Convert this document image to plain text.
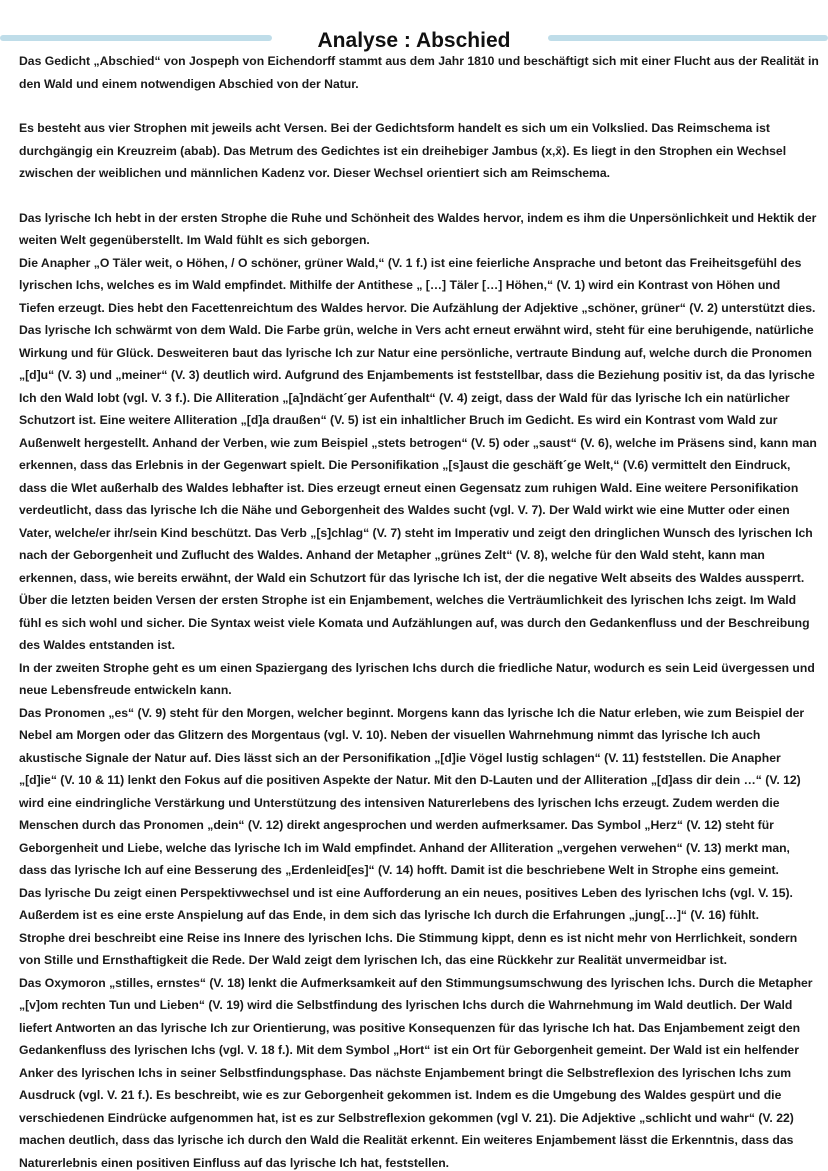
Analyse : Abschied

Das Gedicht „Abschied“ von Jospeph von Eichendorff stammt aus dem Jahr 1810 und beschäftigt sich mit einer Flucht aus der Realität in den Wald und einem notwendigen Abschied von der Natur.

Es besteht aus vier Strophen mit jeweils acht Versen. Bei der Gedichtsform handelt es sich um ein Volkslied. Das Reimschema ist durchgängig ein Kreuzreim (abab). Das Metrum des Gedichtes ist ein dreihebiger Jambus (x,x̄). Es liegt in den Strophen ein Wechsel zwischen der weiblichen und männlichen Kadenz vor. Dieser Wechsel orientiert sich am Reimschema.

Das lyrische Ich hebt in der ersten Strophe die Ruhe und Schönheit des Waldes hervor, indem es ihm die Unpersönlichkeit und Hektik der weiten Welt gegenüberstellt. Im Wald fühlt es sich geborgen.

Die Anapher „O Täler weit, o Höhen, / O schöner, grüner Wald,“ (V. 1 f.) ist eine feierliche Ansprache und betont das Freiheitsgefühl des lyrischen Ichs, welches es im Wald empfindet. Mithilfe der Antithese „ […] Täler […] Höhen,“ (V. 1) wird ein Kontrast von Höhen und Tiefen erzeugt. Dies hebt den Facettenreichtum des Waldes hervor. Die Aufzählung der Adjektive „schöner, grüner“ (V. 2) unterstützt dies. Das lyrische Ich schwärmt von dem Wald. Die Farbe grün, welche in Vers acht erneut erwähnt wird, steht für eine beruhigende, natürliche Wirkung und für Glück. Desweiteren baut das lyrische Ich zur Natur eine persönliche, vertraute Bindung auf, welche durch die Pronomen „[d]u“ (V. 3) und „meiner“ (V. 3) deutlich wird. Aufgrund des Enjambements ist feststellbar, dass die Beziehung positiv ist, da das lyrische Ich den Wald lobt (vgl. V. 3 f.). Die Alliteration „[a]ndächt´ger Aufenthalt“ (V. 4) zeigt, dass der Wald für das lyrische Ich ein natürlicher Schutzort ist. Eine weitere Alliteration „[d]a draußen“ (V. 5) ist ein inhaltlicher Bruch im Gedicht. Es wird ein Kontrast vom Wald zur Außenwelt hergestellt. Anhand der Verben, wie zum Beispiel „stets betrogen“ (V. 5) oder „saust“ (V. 6), welche im Präsens sind, kann man erkennen, dass das Erlebnis in der Gegenwart spielt. Die Personifikation „[s]aust die geschäft´ge Welt,“ (V.6) vermittelt den Eindruck, dass die Wlet außerhalb des Waldes lebhafter ist. Dies erzeugt erneut einen Gegensatz zum ruhigen Wald. Eine weitere Personifikation verdeutlicht, dass das lyrische Ich die Nähe und Geborgenheit des Waldes sucht (vgl. V. 7). Der Wald wirkt wie eine Mutter oder einen Vater, welche/er ihr/sein Kind beschützt. Das Verb „[s]chlag“ (V. 7) steht im Imperativ und zeigt den dringlichen Wunsch des lyrischen Ich nach der Geborgenheit und Zuflucht des Waldes. Anhand der Metapher „grünes Zelt“ (V. 8), welche für den Wald steht, kann man erkennen, dass, wie bereits erwähnt, der Wald ein Schutzort für das lyrische Ich ist, der die negative Welt abseits des Waldes aussperrt. Über die letzten beiden Versen der ersten Strophe ist ein Enjambement, welches die Verträumlichkeit des lyrischen Ichs zeigt. Im Wald fühl es sich wohl und sicher. Die Syntax weist viele Komata und Aufzählungen auf, was durch den Gedankenfluss und der Beschreibung des Waldes entstanden ist.

In der zweiten Strophe geht es um einen Spaziergang des lyrischen Ichs durch die friedliche Natur, wodurch es sein Leid üvergessen und neue Lebensfreude entwickeln kann.

Das Pronomen „es“ (V. 9) steht für den Morgen, welcher beginnt. Morgens kann das lyrische Ich die Natur erleben, wie zum Beispiel der Nebel am Morgen oder das Glitzern des Morgentaus (vgl. V. 10). Neben der visuellen Wahrnehmung nimmt das lyrische Ich auch akustische Signale der Natur auf. Dies lässt sich an der Personifikation „[d]ie Vögel lustig schlagen“ (V. 11) feststellen. Die Anapher „[d]ie“ (V. 10 & 11) lenkt den Fokus auf die positiven Aspekte der Natur. Mit den D-Lauten und der Alliteration „[d]ass dir dein …“ (V. 12) wird eine eindringliche Verstärkung und Unterstützung des intensiven Naturerlebens des lyrischen Ichs erzeugt. Zudem werden die Menschen durch das Pronomen „dein“ (V. 12) direkt angesprochen und werden aufmerksamer. Das Symbol „Herz“ (V. 12) steht für Geborgenheit und Liebe, welche das lyrische Ich im Wald empfindet. Anhand der Alliteration „vergehen verwehen“ (V. 13) merkt man, dass das lyrische Ich auf eine Besserung des „Erdenleid[es]“ (V. 14) hofft. Damit ist die beschriebene Welt in Strophe eins gemeint.

Das lyrische Du zeigt einen Perspektivwechsel und ist eine Aufforderung an ein neues, positives Leben des lyrischen Ichs (vgl. V. 15). Außerdem ist es eine erste Anspielung auf das Ende, in dem sich das lyrische Ich durch die Erfahrungen „jung[…]“ (V. 16) fühlt.

Strophe drei beschreibt eine Reise ins Innere des lyrischen Ichs. Die Stimmung kippt, denn es ist nicht mehr von Herrlichkeit, sondern von Stille und Ernsthaftigkeit die Rede. Der Wald zeigt dem lyrischen Ich, das eine Rückkehr zur Realität unvermeidbar ist.

Das Oxymoron „stilles, ernstes“ (V. 18) lenkt die Aufmerksamkeit auf den Stimmungsumschwung des lyrischen Ichs. Durch die Metapher „[v]om rechten Tun und Lieben“ (V. 19) wird die Selbstfindung des lyrischen Ichs durch die Wahrnehmung im Wald deutlich. Der Wald liefert Antworten an das lyrische Ich zur Orientierung, was positive Konsequenzen für das lyrische Ich hat. Das Enjambement zeigt den Gedankenfluss des lyrischen Ichs (vgl. V. 18 f.). Mit dem Symbol „Hort“ ist ein Ort für Geborgenheit gemeint. Der Wald ist ein helfender Anker des lyrischen Ichs in seiner Selbstfindungsphase. Das nächste Enjambement bringt die Selbstreflexion des lyrischen Ichs zum Ausdruck (vgl. V. 21 f.). Es beschreibt, wie es zur Geborgenheit gekommen ist. Indem es die Umgebung des Waldes gespürt und die verschiedenen Eindrücke aufgenommen hat, ist es zur Selbstreflexion gekommen (vgl V. 21). Die Adjektive „schlicht und wahr“ (V. 22) machen deutlich, dass das lyrische ich durch den Wald die Realität erkennt. Ein weiteres Enjambement lässt die Erkenntnis, dass das Naturerlebnis einen positiven Einfluss auf das lyrische Ich hat, feststellen.
